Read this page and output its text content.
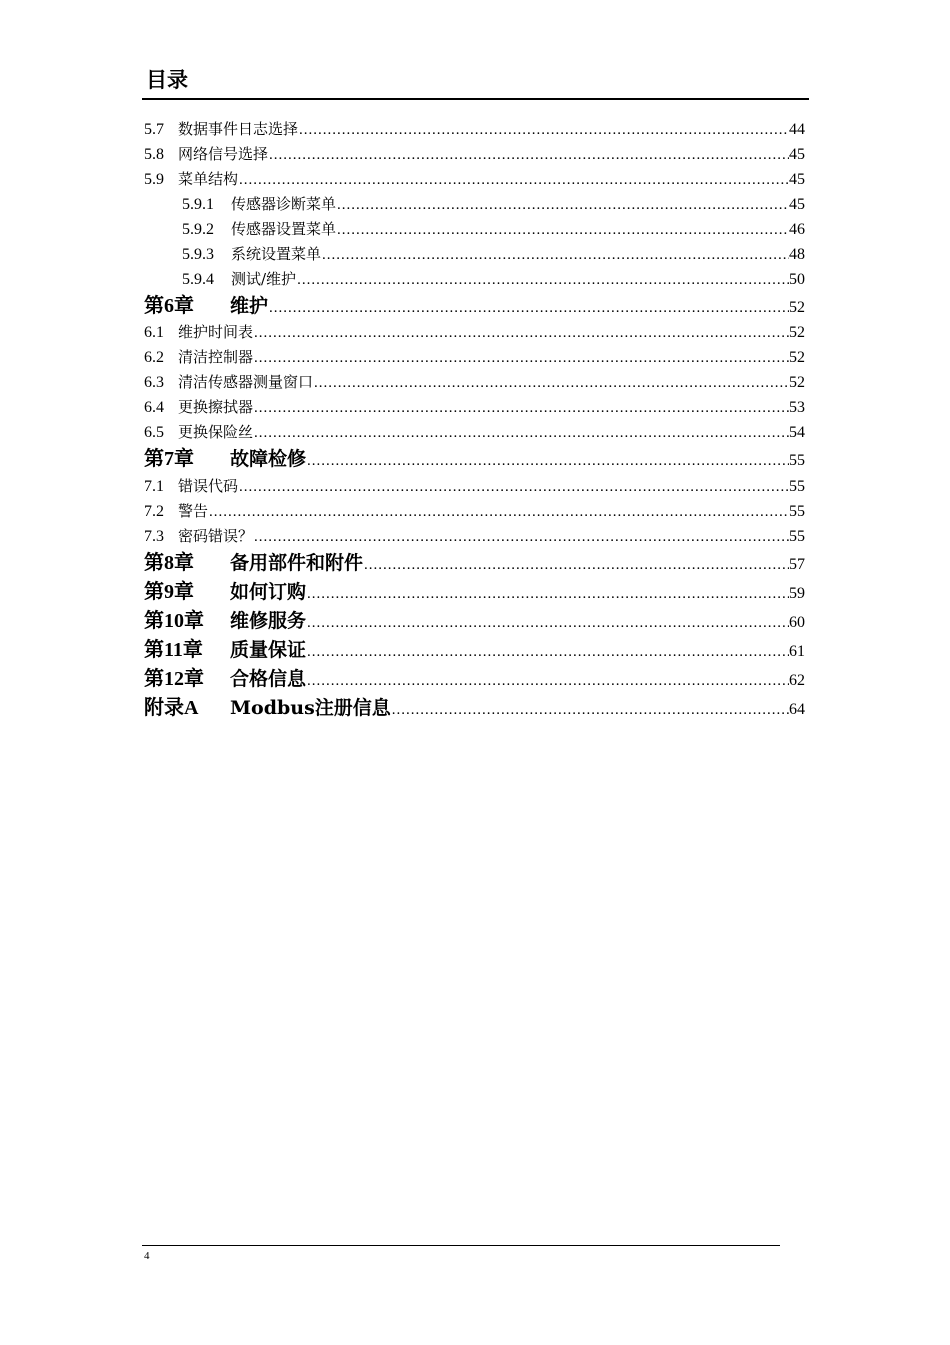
目录
5.7 数据事件日志选择 .....	44
5.8 网络信号选择 .....	45
5.9 菜单结构 .....	45
5.9.1	传感器诊断菜单 .....	45
5.9.2	传感器设置菜单 .....	46
5.9.3	系统设置菜单 .....	48
5.9.4	测试/维护 .....	50
第6章	维护 .....	52
6.1 维护时间表 .....	52
6.2 清洁控制器 .....	52
6.3 清洁传感器测量窗口 .....	52
6.4 更换擦拭器 .....	53
6.5 更换保险丝 .....	54
第7章	故障检修 .....	55
7.1 错误代码 .....	55
7.2 警告 .....	55
7.3 密码错误？ .....	55
第8章	备用部件和附件 .....	57
第9章	如何订购 .....	59
第10章	维修服务 .....	60
第11章	质量保证 .....	61
第12章	合格信息 .....	62
附录A	Modbus注册信息 .....	64
4
